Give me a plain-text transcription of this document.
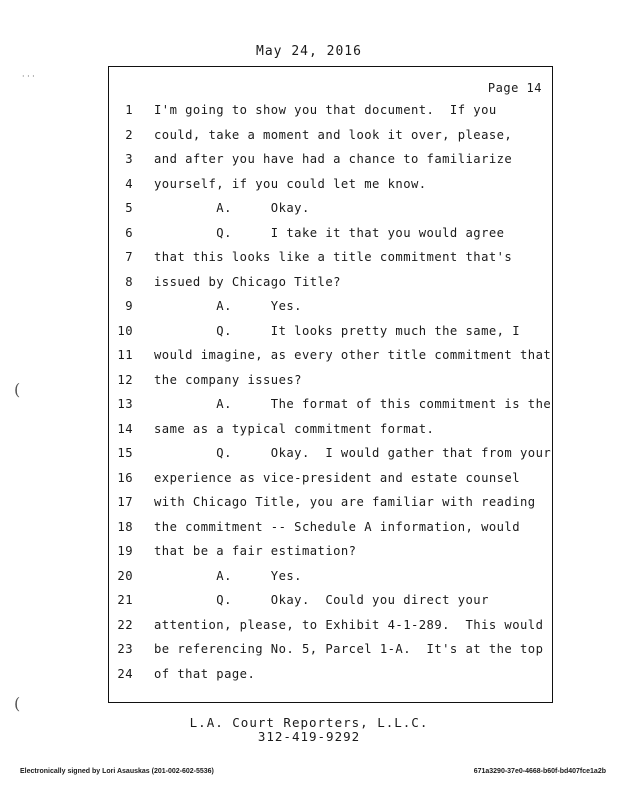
May 24, 2016
· · ·
(
(
Page 14
1 I'm going to show you that document.  If you
2 could, take a moment and look it over, please,
3 and after you have had a chance to familiarize
4 yourself, if you could let me know.
5 A.     Okay.
6 Q.     I take it that you would agree
7 that this looks like a title commitment that's
8 issued by Chicago Title?
9 A.     Yes.
10 Q.     It looks pretty much the same, I
11 would imagine, as every other title commitment that
12 the company issues?
13 A.     The format of this commitment is the
14 same as a typical commitment format.
15 Q.     Okay.  I would gather that from your
16 experience as vice-president and estate counsel
17 with Chicago Title, you are familiar with reading
18 the commitment -- Schedule A information, would
19 that be a fair estimation?
20 A.     Yes.
21 Q.     Okay.  Could you direct your
22 attention, please, to Exhibit 4-1-289.  This would
23 be referencing No. 5, Parcel 1-A.  It's at the top
24 of that page.
L.A. Court Reporters, L.L.C.
312-419-9292
Electronically signed by Lori Asauskas (201-002-602-5536)	671a3290-37e0-4668-b60f-bd407fce1a2b
